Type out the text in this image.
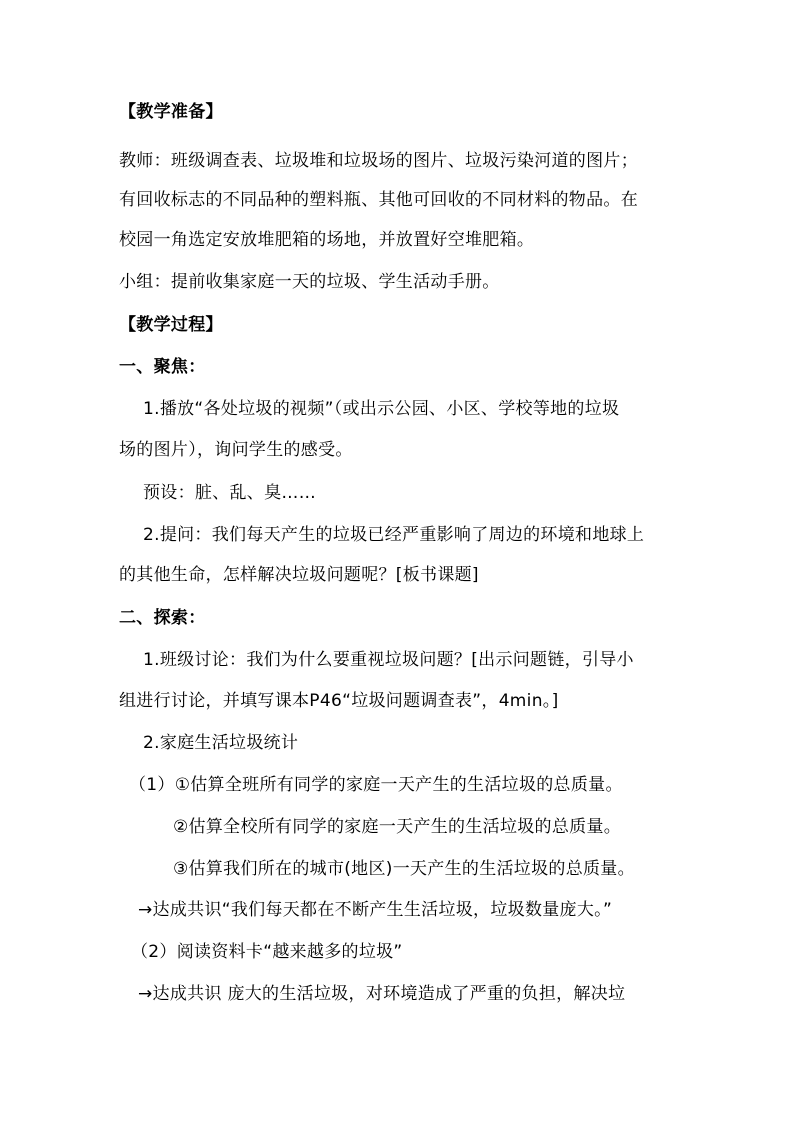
【教学准备】
教师：班级调查表、垃圾堆和垃圾场的图片、垃圾污染河道的图片；
有回收标志的不同品种的塑料瓶、其他可回收的不同材料的物品。在
校园一角选定安放堆肥箱的场地，并放置好空堆肥箱。
小组：提前收集家庭一天的垃圾、学生活动手册。
【教学过程】
一、聚焦：
1.播放“各处垃圾的视频”（或出示公园、小区、学校等地的垃圾
场的图片），询问学生的感受。
预设：脏、乱、臭……
2.提问：我们每天产生的垃圾已经严重影响了周边的环境和地球上
的其他生命，怎样解决垃圾问题呢？[板书课题]
二、探索：
1.班级讨论：我们为什么要重视垃圾问题？[出示问题链，引导小
组进行讨论，并填写课本P46“垃圾问题调查表”，4min。]
2.家庭生活垃圾统计
（1）①估算全班所有同学的家庭一天产生的生活垃圾的总质量。
②估算全校所有同学的家庭一天产生的生活垃圾的总质量。
③估算我们所在的城市(地区)一天产生的生活垃圾的总质量。
→达成共识“我们每天都在不断产生生活垃圾，垃圾数量庞大。”
（2）阅读资料卡“越来越多的垃圾”
→达成共识 庞大的生活垃圾，对环境造成了严重的负担，解决垃
